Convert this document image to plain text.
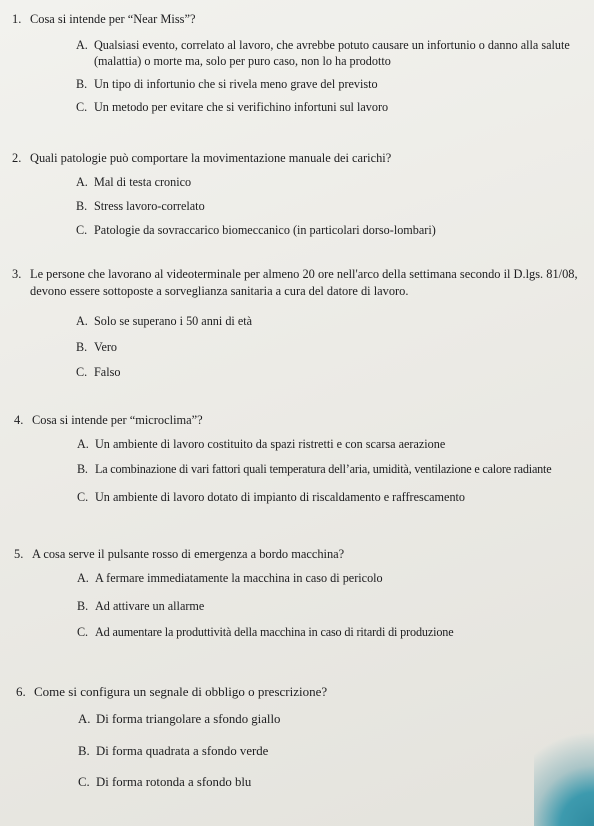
1. Cosa si intende per “Near Miss”?
A. Qualsiasi evento, correlato al lavoro, che avrebbe potuto causare un infortunio o danno alla salute (malattia) o morte ma, solo per puro caso, non lo ha prodotto
B. Un tipo di infortunio che si rivela meno grave del previsto
C. Un metodo per evitare che si verifichino infortuni sul lavoro
2. Quali patologie può comportare la movimentazione manuale dei carichi?
A. Mal di testa cronico
B. Stress lavoro-correlato
C. Patologie da sovraccarico biomeccanico (in particolari dorso-lombari)
3. Le persone che lavorano al videoterminale per almeno 20 ore nell'arco della settimana secondo il D.lgs. 81/08, devono essere sottoposte a sorveglianza sanitaria a cura del datore di lavoro.
A. Solo se superano i 50 anni di età
B. Vero
C. Falso
4. Cosa si intende per “microclima”?
A. Un ambiente di lavoro costituito da spazi ristretti e con scarsa aerazione
B. La combinazione di vari fattori quali temperatura dell’aria, umidità, ventilazione e calore radiante
C. Un ambiente di lavoro dotato di impianto di riscaldamento e raffrescamento
5. A cosa serve il pulsante rosso di emergenza a bordo macchina?
A. A fermare immediatamente la macchina in caso di pericolo
B. Ad attivare un allarme
C. Ad aumentare la produttività della macchina in caso di ritardi di produzione
6. Come si configura un segnale di obbligo o prescrizione?
A. Di forma triangolare a sfondo giallo
B. Di forma quadrata a sfondo verde
C. Di forma rotonda a sfondo blu
